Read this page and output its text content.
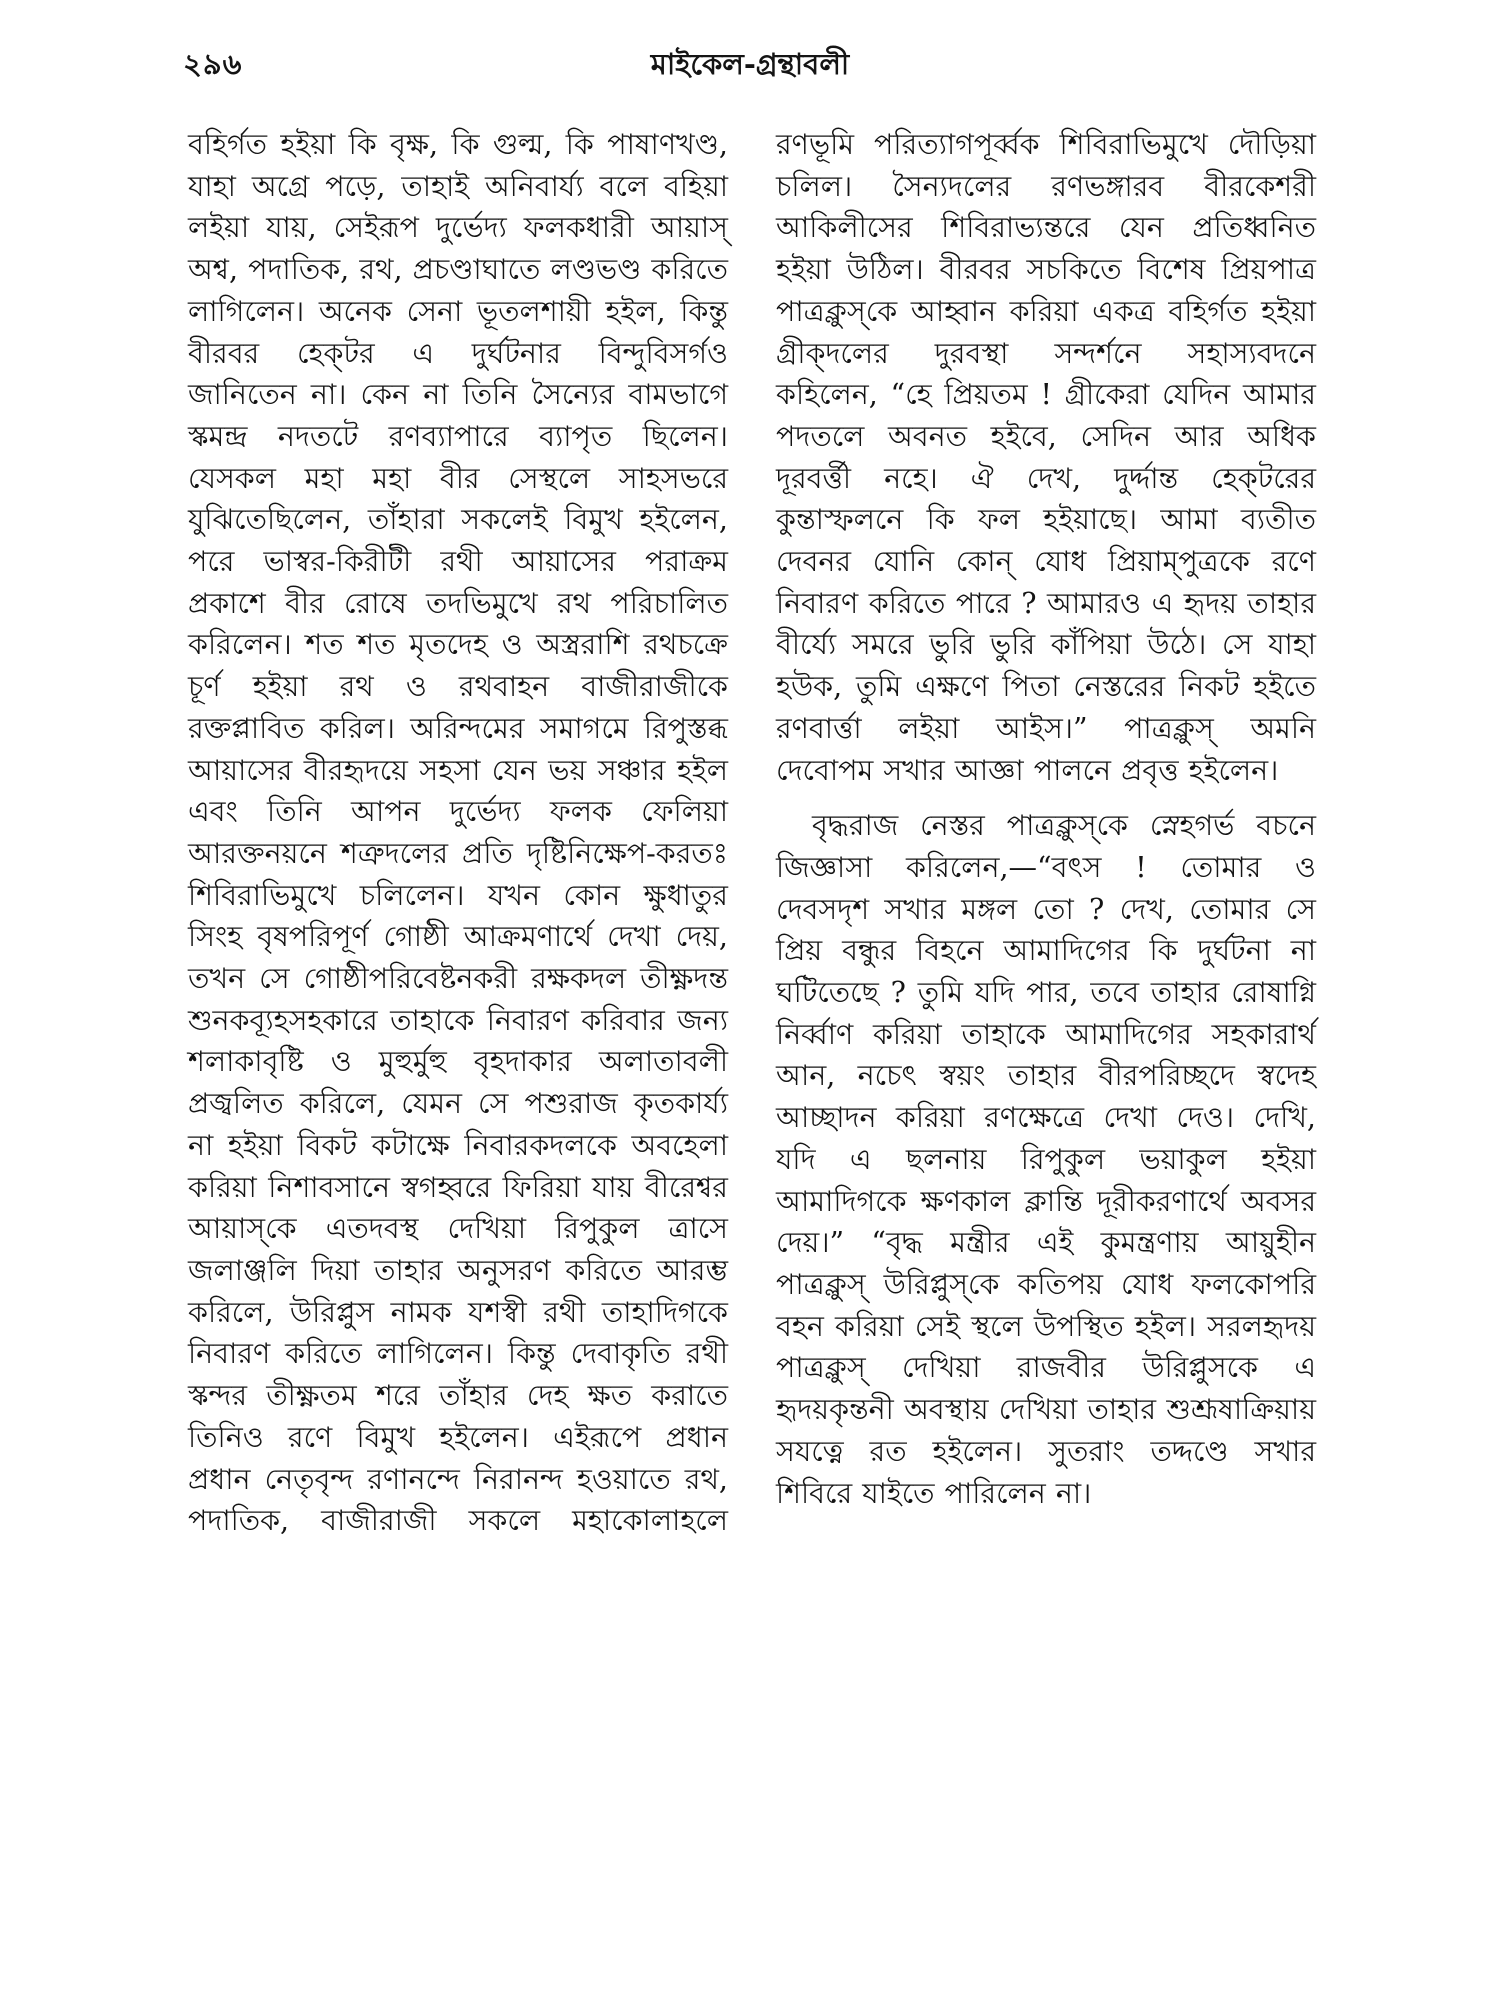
২৯৬	মাইকেল-গ্রন্থাবলী

বহির্গত হইয়া কি বৃক্ষ, কি গুল্ম, কি পাষাণখণ্ড, যাহা অগ্রে পড়ে, তাহাই অনিবার্য্য বলে বহিয়া লইয়া যায়, সেইরূপ দুর্ভেদ্য ফলকধারী আয়াস্‌ অশ্ব, পদাতিক, রথ, প্রচণ্ডাঘাতে লণ্ডভণ্ড করিতে লাগিলেন। অনেক সেনা ভূতলশায়ী হইল, কিন্তু বীরবর হেক্‌টর এ দুর্ঘটনার বিন্দুবিসর্গও জানিতেন না। কেন না তিনি সৈন্যের বামভাগে স্কমন্দ্র নদতটে রণব্যাপারে ব্যাপৃত ছিলেন। যেসকল মহা মহা বীর সেস্থলে সাহসভরে যুঝিতেছিলেন, তাঁহারা সকলেই বিমুখ হইলেন, পরে ভাস্বর-কিরীটী রথী আয়াসের পরাক্রম প্রকাশে বীর রোষে তদভিমুখে রথ পরিচালিত করিলেন। শত শত মৃতদেহ ও অস্ত্ররাশি রথচক্রে চূর্ণ হইয়া রথ ও রথবাহন বাজীরাজীকে রক্তপ্লাবিত করিল। অরিন্দমের সমাগমে রিপুস্তব্ধ আয়াসের বীরহৃদয়ে সহসা যেন ভয় সঞ্চার হইল এবং তিনি আপন দুর্ভেদ্য ফলক ফেলিয়া আরক্তনয়নে শত্রুদলের প্রতি দৃষ্টিনিক্ষেপ-করতঃ শিবিরাভিমুখে চলিলেন। যখন কোন ক্ষুধাতুর সিংহ বৃষপরিপূর্ণ গোষ্ঠী আক্রমণার্থে দেখা দেয়, তখন সে গোষ্ঠীপরিবেষ্টনকরী রক্ষকদল তীক্ষ্ণদন্ত শুনকব্যূহসহকারে তাহাকে নিবারণ করিবার জন্য শলাকাবৃষ্টি ও মুহুর্মুহু বৃহদাকার অলাতাবলী প্রজ্বলিত করিলে, যেমন সে পশুরাজ কৃতকার্য্য না হইয়া বিকট কটাক্ষে নিবারকদলকে অবহেলা করিয়া নিশাবসানে স্বগহ্বরে ফিরিয়া যায় বীরেশ্বর আয়াস্‌কে এতদবস্থ দেখিয়া রিপুকুল ত্রাসে জলাঞ্জলি দিয়া তাহার অনুসরণ করিতে আরম্ভ করিলে, উরিপ্লুস নামক যশস্বী রথী তাহাদিগকে নিবারণ করিতে লাগিলেন। কিন্তু দেবাকৃতি রথী স্কন্দর তীক্ষ্ণতম শরে তাঁহার দেহ ক্ষত করাতে তিনিও রণে বিমুখ হইলেন। এইরূপে প্রধান প্রধান নেতৃবৃন্দ রণানন্দে নিরানন্দ হওয়াতে রথ, পদাতিক, বাজীরাজী সকলে মহাকোলাহলে

রণভূমি পরিত্যাগপূর্ব্বক শিবিরাভিমুখে দৌড়িয়া চলিল। সৈন্যদলের রণভঙ্গারব বীরকেশরী আকিলীসের শিবিরাভ্যন্তরে যেন প্রতিধ্বনিত হইয়া উঠিল। বীরবর সচকিতে বিশেষ প্রিয়পাত্র পাত্রক্লুস্‌কে আহ্বান করিয়া একত্র বহির্গত হইয়া গ্রীক্‌দলের দুরবস্থা সন্দর্শনে সহাস্যবদনে কহিলেন, “হে প্রিয়তম ! গ্রীকেরা যেদিন আমার পদতলে অবনত হইবে, সেদিন আর অধিক দূরবর্ত্তী নহে। ঐ দেখ, দুর্দ্দান্ত হেক্‌টরের কুন্তাস্ফলনে কি ফল হইয়াছে। আমা ব্যতীত দেবনর যোনি কোন্‌ যোধ প্রিয়াম্‌পুত্রকে রণে নিবারণ করিতে পারে ? আমারও এ হৃদয় তাহার বীর্য্যে সমরে ভুরি ভুরি কাঁপিয়া উঠে। সে যাহা হউক, তুমি এক্ষণে পিতা নেস্তরের নিকট হইতে রণবার্ত্তা লইয়া আইস।” পাত্রক্লুস্‌ অমনি দেবোপম সখার আজ্ঞা পালনে প্রবৃত্ত হইলেন।

বৃদ্ধরাজ নেস্তর পাত্রক্লুস্‌কে স্নেহগর্ভ বচনে জিজ্ঞাসা করিলেন,—“বৎস ! তোমার ও দেবসদৃশ সখার মঙ্গল তো ? দেখ, তোমার সে প্রিয় বন্ধুর বিহনে আমাদিগের কি দুর্ঘটনা না ঘটিতেছে ? তুমি যদি পার, তবে তাহার রোষাগ্নি নির্ব্বাণ করিয়া তাহাকে আমাদিগের সহকারার্থ আন, নচেৎ স্বয়ং তাহার বীরপরিচ্ছদে স্বদেহ আচ্ছাদন করিয়া রণক্ষেত্রে দেখা দেও। দেখি, যদি এ ছলনায় রিপুকুল ভয়াকুল হইয়া আমাদিগকে ক্ষণকাল ক্লান্তি দূরীকরণার্থে অবসর দেয়।” “বৃদ্ধ মন্ত্রীর এই কুমন্ত্রণায় আয়ুহীন পাত্রক্লুস্‌ উরিপ্লুস্‌কে কতিপয় যোধ ফলকোপরি বহন করিয়া সেই স্থলে উপস্থিত হইল। সরলহৃদয় পাত্রক্লুস্‌ দেখিয়া রাজবীর উরিপ্লুসকে এ হৃদয়কৃন্তনী অবস্থায় দেখিয়া তাহার শুশ্রূষাক্রিয়ায় সযত্নে রত হইলেন। সুতরাং তদ্দণ্ডে সখার শিবিরে যাইতে পারিলেন না।
